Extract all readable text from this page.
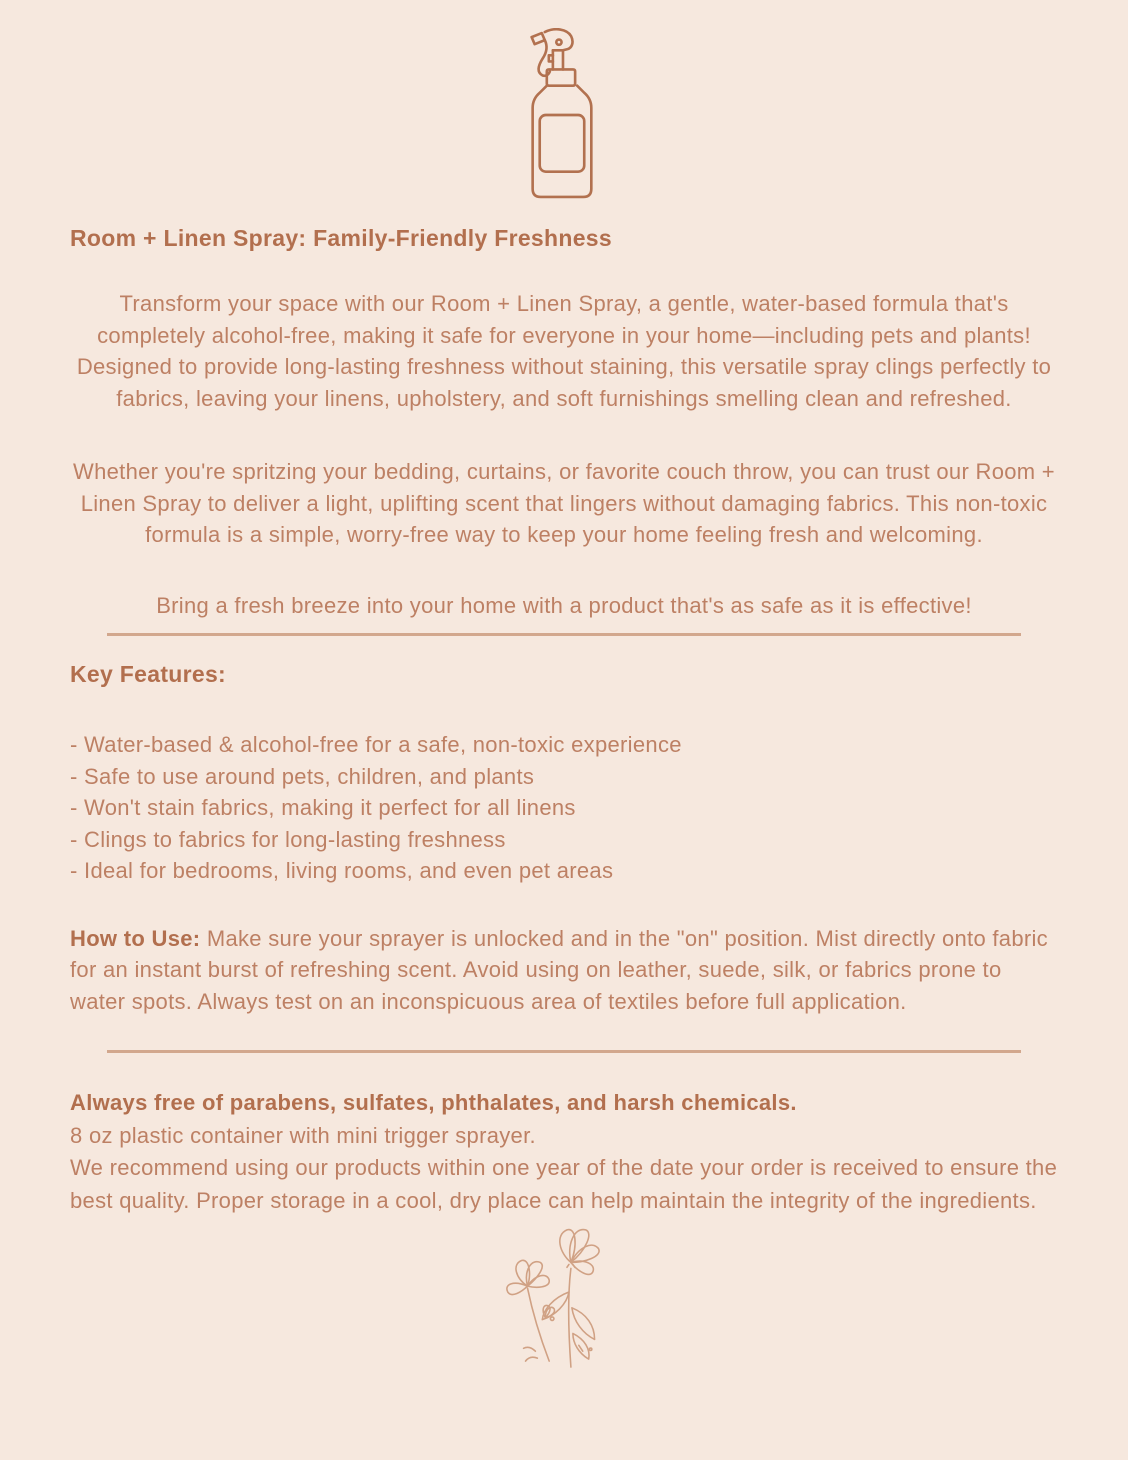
Room + Linen Spray: Family-Friendly Freshness

Transform your space with our Room + Linen Spray, a gentle, water-based formula that's completely alcohol-free, making it safe for everyone in your home—including pets and plants! Designed to provide long-lasting freshness without staining, this versatile spray clings perfectly to fabrics, leaving your linens, upholstery, and soft furnishings smelling clean and refreshed.

Whether you're spritzing your bedding, curtains, or favorite couch throw, you can trust our Room + Linen Spray to deliver a light, uplifting scent that lingers without damaging fabrics. This non-toxic formula is a simple, worry-free way to keep your home feeling fresh and welcoming.

Bring a fresh breeze into your home with a product that's as safe as it is effective!

Key Features:
- Water-based & alcohol-free for a safe, non-toxic experience
- Safe to use around pets, children, and plants
- Won't stain fabrics, making it perfect for all linens
- Clings to fabrics for long-lasting freshness
- Ideal for bedrooms, living rooms, and even pet areas

How to Use: Make sure your sprayer is unlocked and in the "on" position. Mist directly onto fabric for an instant burst of refreshing scent. Avoid using on leather, suede, silk, or fabrics prone to water spots. Always test on an inconspicuous area of textiles before full application.

Always free of parabens, sulfates, phthalates, and harsh chemicals.
8 oz plastic container with mini trigger sprayer.
We recommend using our products within one year of the date your order is received to ensure the best quality. Proper storage in a cool, dry place can help maintain the integrity of the ingredients.
